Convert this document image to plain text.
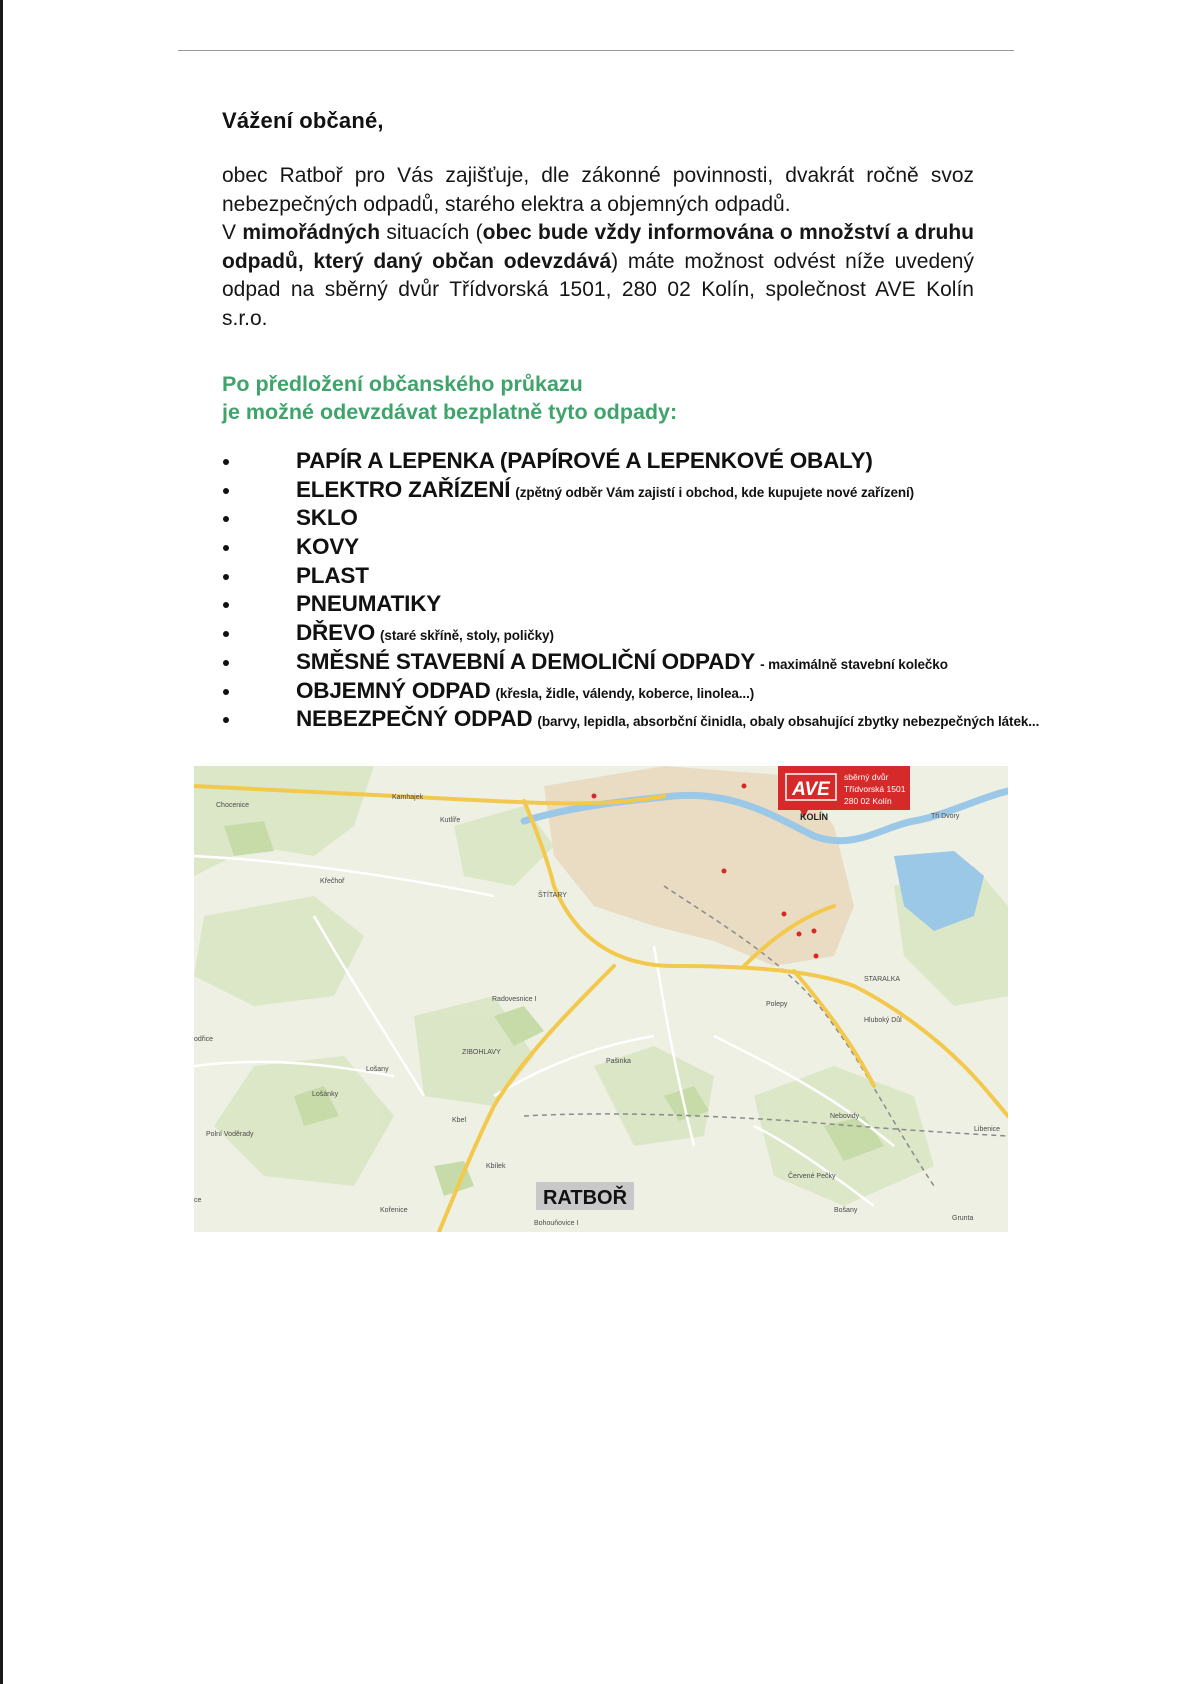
Vážení občané,

obec Ratboř pro Vás zajišťuje, dle zákonné povinnosti, dvakrát ročně svoz nebezpečných odpadů, starého elektra a objemných odpadů.

V mimořádných situacích (obec bude vždy informována o množství a druhu odpadů, který daný občan odevzdává) máte možnost odvést níže uvedený odpad na sběrný dvůr Třídvorská 1501, 280 02 Kolín, společnost AVE Kolín s.r.o.

Po předložení občanského průkazu
je možné odevzdávat bezplatně tyto odpady:
PAPÍR A LEPENKA (PAPÍROVÉ A LEPENKOVÉ OBALY)
ELEKTRO ZAŘÍZENÍ (zpětný odběr Vám zajistí i obchod, kde kupujete nové zařízení)
SKLO
KOVY
PLAST
PNEUMATIKY
DŘEVO (staré skříně, stoly, poličky)
SMĚSNÉ STAVEBNÍ A DEMOLIČNÍ ODPADY - maximálně stavební kolečko
OBJEMNÝ ODPAD (křesla, židle, válendy, koberce, linolea...)
NEBEZPEČNÝ ODPAD (barvy, lepidla, absorbční činidla, obaly obsahující zbytky nebezpečných látek...
AVE
sběrný dvůr
Třídvorská 1501
280 02 Kolín
KOLÍN	Tři Dvory
Chocenice
Kamhajek
Kutlíře
Křečhoř
ŠTÍTARY
Radovesnice I
Polepy
STARALKA
Hluboký Důl
ZIBOHLAVY
Pašinka
Lošany
Lošánky
Kbel
Kbílek
Nebovidy
Libenice
Polní Voděrady
Kořenice
Červené Pečky
Bošany
Grunta
Bohouňovice I
odřice
ce	RATBOŘ
